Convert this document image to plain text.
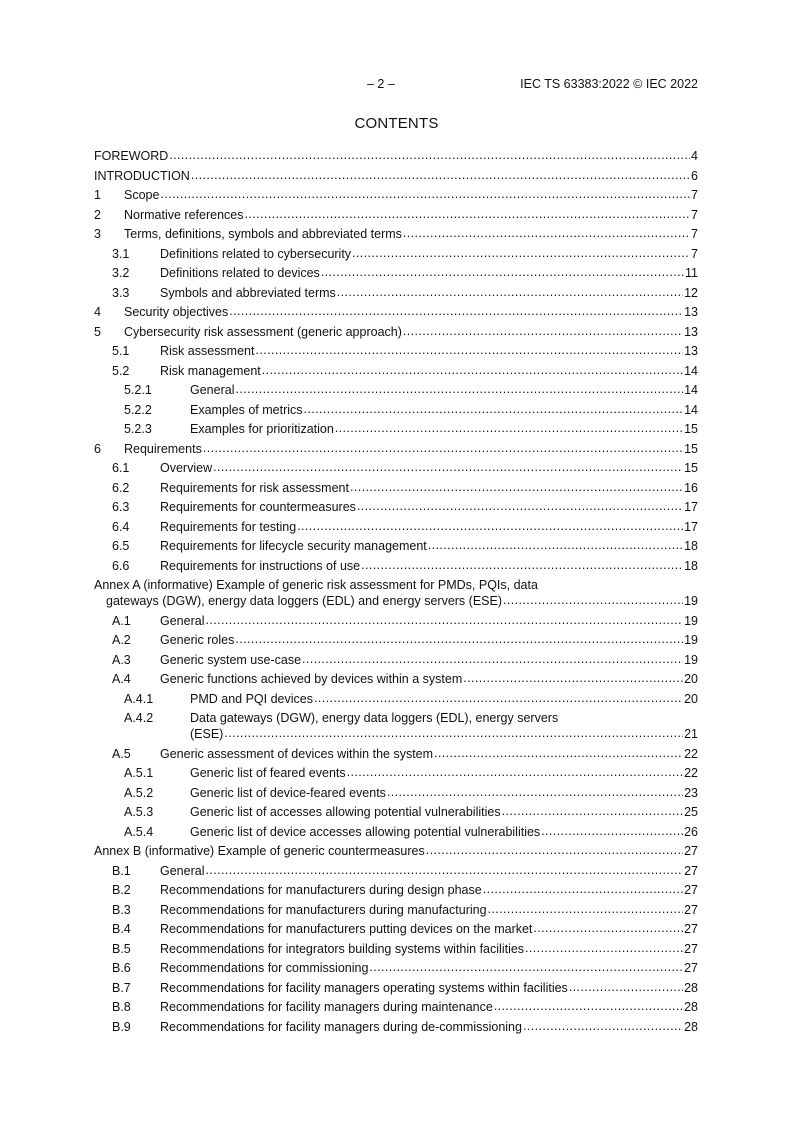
– 2 –	IEC TS 63383:2022 © IEC 2022
CONTENTS
FOREWORD .....	4
INTRODUCTION .....	6
1	Scope .....	7
2	Normative references .....	7
3	Terms, definitions, symbols and abbreviated terms .....	7
3.1	Definitions related to cybersecurity .....	7
3.2	Definitions related to devices .....	11
3.3	Symbols and abbreviated terms .....	12
4	Security objectives .....	13
5	Cybersecurity risk assessment (generic approach) .....	13
5.1	Risk assessment .....	13
5.2	Risk management .....	14
5.2.1	General .....	14
5.2.2	Examples of metrics .....	14
5.2.3	Examples for prioritization .....	15
6	Requirements .....	15
6.1	Overview .....	15
6.2	Requirements for risk assessment .....	16
6.3	Requirements for countermeasures .....	17
6.4	Requirements for testing .....	17
6.5	Requirements for lifecycle security management .....	18
6.6	Requirements for instructions of use .....	18
Annex A (informative) Example of generic risk assessment for PMDs, PQIs, data
gateways (DGW), energy data loggers (EDL) and energy servers (ESE) .....	19
A.1	General .....	19
A.2	Generic roles .....	19
A.3	Generic system use-case .....	19
A.4	Generic functions achieved by devices within a system .....	20
A.4.1	PMD and PQI devices .....	20
A.4.2	Data gateways (DGW), energy data loggers (EDL), energy servers
(ESE) .....	21
A.5	Generic assessment of devices within the system .....	22
A.5.1	Generic list of feared events .....	22
A.5.2	Generic list of device-feared events .....	23
A.5.3	Generic list of accesses allowing potential vulnerabilities .....	25
A.5.4	Generic list of device accesses allowing potential vulnerabilities .....	26
Annex B (informative) Example of generic countermeasures .....	27
B.1	General .....	27
B.2	Recommendations for manufacturers during design phase .....	27
B.3	Recommendations for manufacturers during manufacturing .....	27
B.4	Recommendations for manufacturers putting devices on the market .....	27
B.5	Recommendations for integrators building systems within facilities .....	27
B.6	Recommendations for commissioning .....	27
B.7	Recommendations for facility managers operating systems within facilities .....	28
B.8	Recommendations for facility managers during maintenance .....	28
B.9	Recommendations for facility managers during de-commissioning .....	28
